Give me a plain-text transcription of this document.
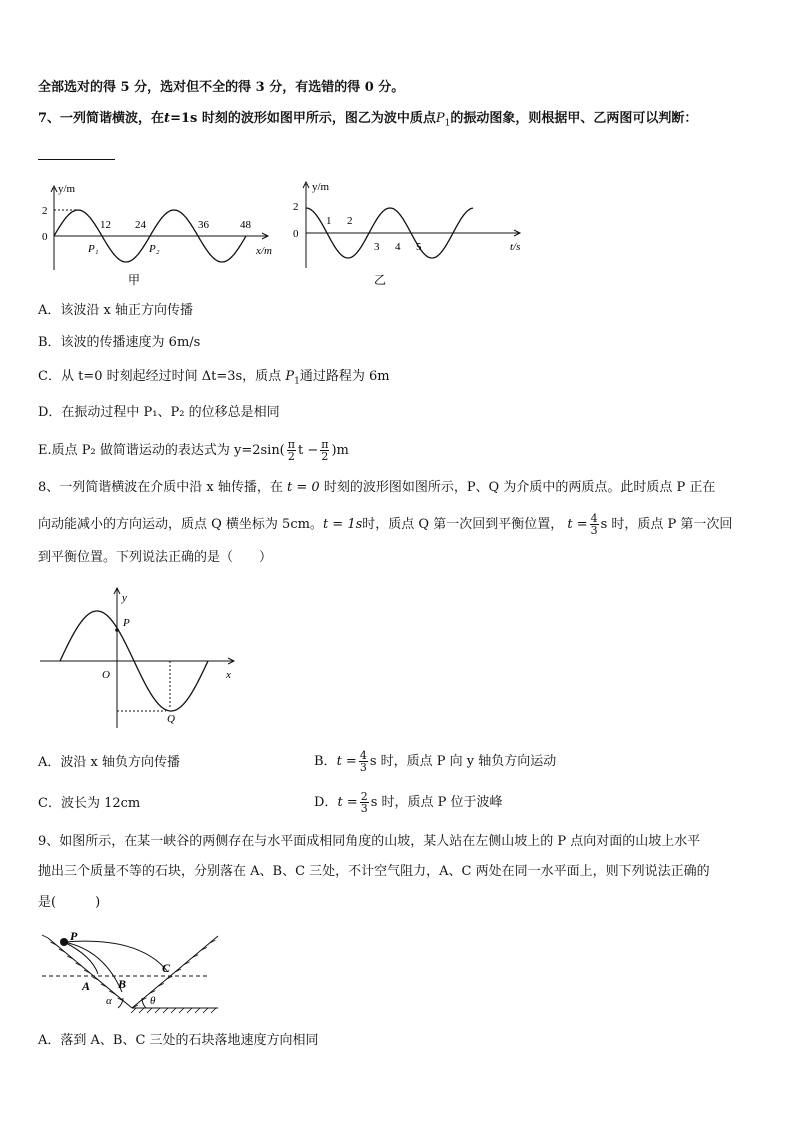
全部选对的得 5 分，选对但不全的得 3 分，有选错的得 0 分。
7、一列简谐横波，在t=1s 时刻的波形如图甲所示，图乙为波中质点$P_1$的振动图象，则根据甲、乙两图可以判断：
y/m
2
0
12 24	36	48
P₁	P₂	x/m
甲
y/m
2
0
1 2
3 4 5	t/s
乙
A．该波沿 x 轴正方向传播
B．该波的传播速度为 6m/s
C．从 t=0 时刻起经过时间 Δt=3s，质点 $P_1$通过路程为 6m
D．在振动过程中 P₁、P₂ 的位移总是相同
E.质点 P₂ 做简谐运动的表达式为 $y=2\sin( \frac{\pi}{2}$ $t - \frac{\pi}{2} )m$
8、一列简谐横波在介质中沿 x 轴传播，在 t = 0 时刻的波形图如图所示，P、Q 为介质中的两质点。此时质点 P 正在
向动能减小的方向运动，质点 Q 横坐标为 5cm。t = 1s时，质点 Q 第一次回到平衡位置， $t = \frac{4}{3}$ s 时，质点 P 第一次回
到平衡位置。下列说法正确的是（　　）
y
P
O	x
Q
A．波沿 x 轴负方向传播	B．$t = \frac{4}{3}$ s 时，质点 P 向 y 轴负方向运动
C．波长为 12cm	D．$t = \frac{2}{3}$ s 时，质点 P 位于波峰
9、如图所示，在某一峡谷的两侧存在与水平面成相同角度的山坡，某人站在左侧山坡上的 P 点向对面的山坡上水平
抛出三个质量不等的石块，分别落在 A、B、C 三处，不计空气阻力，A、C 两处在同一水平面上，则下列说法正确的
是(　　　)
P
A B
C
α	θ
A．落到 A、B、C 三处的石块落地速度方向相同
